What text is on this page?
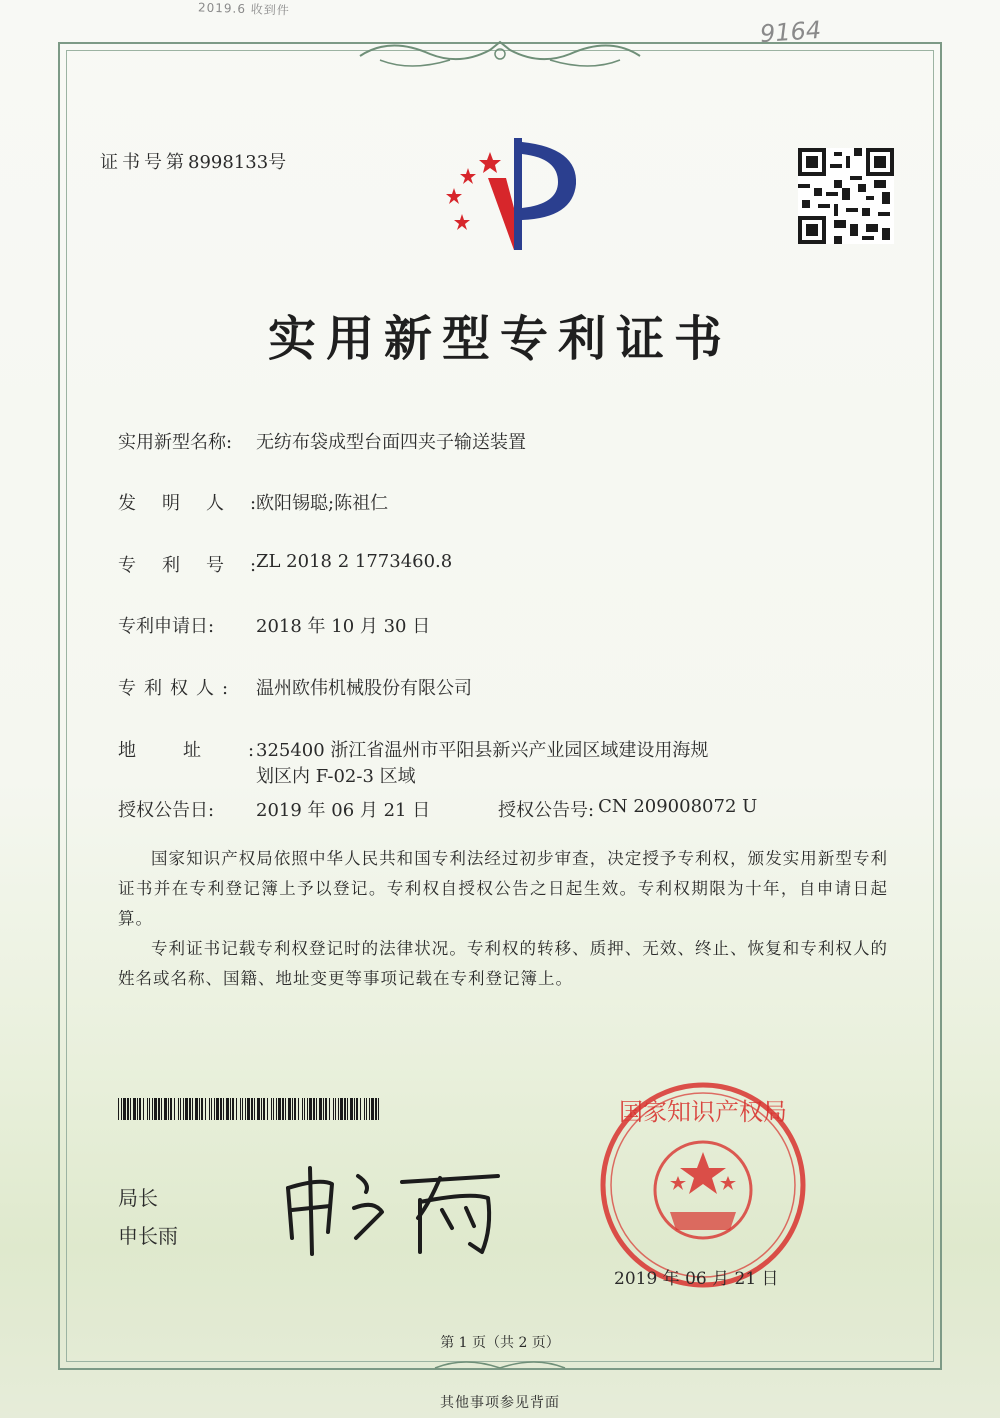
2019.6 收到件
9164
证书号第8998133号
实用新型专利证书
实用新型名称:	无纺布袋成型台面四夹子输送装置
发明人:
欧阳锡聪;陈祖仁
专利号:
ZL 2018 2 1773460.8
专利申请日:	2018 年 10 月 30 日
专利权人:	温州欧伟机械股份有限公司
地址:
325400 浙江省温州市平阳县新兴产业园区域建设用海规
划区内 F-02-3 区域
授权公告日:	2019 年 06 月 21 日	授权公告号: CN 209008072 U
国家知识产权局依照中华人民共和国专利法经过初步审查，决定授予专利权，颁发实用新型专利证书并在专利登记簿上予以登记。专利权自授权公告之日起生效。专利权期限为十年，自申请日起算。
专利证书记载专利权登记时的法律状况。专利权的转移、质押、无效、终止、恢复和专利权人的姓名或名称、国籍、地址变更等事项记载在专利登记簿上。
局长
申长雨
国家知识产权局
2019 年 06 月 21 日
第 1 页（共 2 页）
其他事项参见背面
